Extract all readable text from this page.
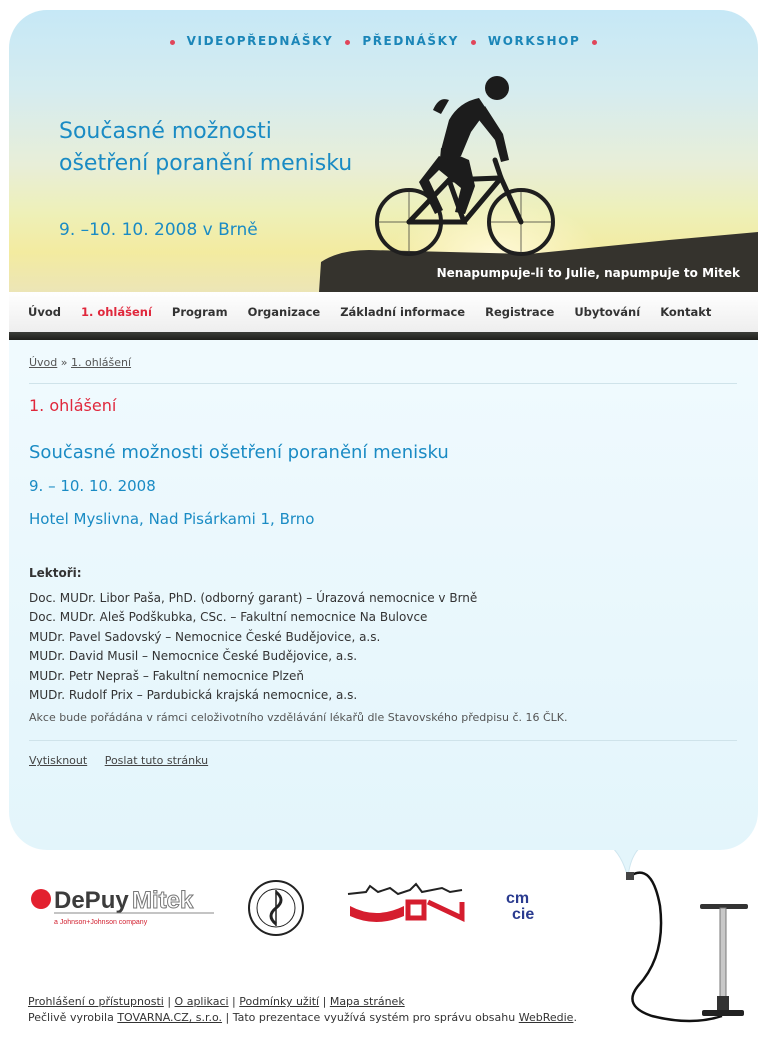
VIDEOPŘEDNÁŠKY PŘEDNÁŠKY WORKSHOP
Současné možnosti
ošetření poranění menisku
9. –10. 10. 2008 v Brně
Nenapumpuje-li to Julie, napumpuje to Mitek
Úvod 1. ohlášení Program Organizace Základní informace Registrace Ubytování Kontakt
Úvod » 1. ohlášení
1. ohlášení
Současné možnosti ošetření poranění menisku
9. – 10. 10. 2008
Hotel Myslivna, Nad Pisárkami 1, Brno
Lektoři:
Doc. MUDr. Libor Paša, PhD. (odborný garant) – Úrazová nemocnice v Brně
Doc. MUDr. Aleš Podškubka, CSc. – Fakultní nemocnice Na Bulovce
MUDr. Pavel Sadovský – Nemocnice České Budějovice, a.s.
MUDr. David Musil – Nemocnice České Budějovice, a.s.
MUDr. Petr Nepraš – Fakultní nemocnice Plzeň
MUDr. Rudolf Prix – Pardubická krajská nemocnice, a.s.
Akce bude pořádána v rámci celoživotního vzdělávání lékařů dle Stavovského předpisu č. 16 ČLK.
Vytisknout Poslat tuto stránku
DePuy Mitek
a Johnson+Johnson company
cm
cie
Prohlášení o přístupnosti | O aplikaci | Podmínky užití | Mapa stránek
Pečlivě vyrobila TOVARNA.CZ, s.r.o. | Tato prezentace využívá systém pro správu obsahu WebRedie.
